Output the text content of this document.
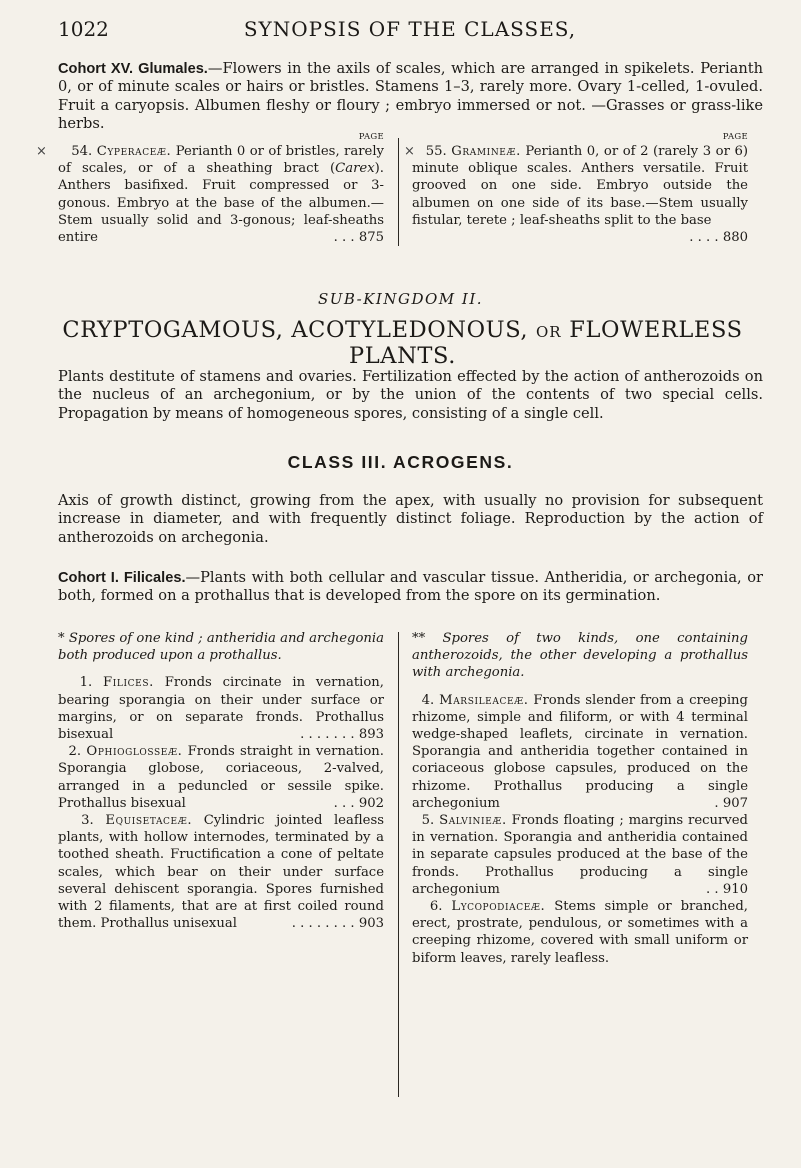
1022	SYNOPSIS OF THE CLASSES,
Cohort XV. Glumales.—Flowers in the axils of scales, which are arranged in spikelets. Perianth 0, or of minute scales or hairs or bristles. Stamens 1–3, rarely more. Ovary 1-celled, 1-ovuled. Fruit a caryopsis. Albumen fleshy or floury ; embryo immersed or not. —Grasses or grass-like herbs.
PAGE

× 54. Cyperaceæ. Perianth 0 or of bristles, rarely of scales, or of a sheathing bract (Carex). Anthers basifixed. Fruit compressed or 3-gonous. Embryo at the base of the albumen.—Stem usually solid and 3-gonous; leaf-sheaths entire	. . . 875

PAGE

× 55. Gramineæ. Perianth 0, or of 2 (rarely 3 or 6) minute oblique scales. Anthers versatile. Fruit grooved on one side. Embryo outside the albumen on one side of its base.—Stem usually fistular, terete ; leaf-sheaths split to the base
. . . . 880

SUB-KINGDOM II.
CRYPTOGAMOUS, ACOTYLEDONOUS, OR FLOWERLESS PLANTS.
Plants destitute of stamens and ovaries. Fertilization effected by the action of antherozoids on the nucleus of an archegonium, or by the union of the contents of two special cells. Propagation by means of homogeneous spores, consisting of a single cell.
CLASS III. ACROGENS.
Axis of growth distinct, growing from the apex, with usually no provision for subsequent increase in diameter, and with frequently distinct foliage. Reproduction by the action of antherozoids on archegonia.
Cohort I. Filicales.—Plants with both cellular and vascular tissue. Antheridia, or archegonia, or both, formed on a prothallus that is developed from the spore on its germination.

* Spores of one kind ; antheridia and archegonia both produced upon a prothallus.

1. Filices. Fronds circinate in vernation, bearing sporangia on their under surface or margins, or on separate fronds. Prothallus bisexual	. . . . . . . 893

2. Ophioglosseæ. Fronds straight in vernation. Sporangia globose, coriaceous, 2-valved, arranged in a peduncled or sessile spike. Prothallus bisexual	. . . 902

3. Equisetaceæ. Cylindric jointed leafless plants, with hollow internodes, terminated by a toothed sheath. Fructification a cone of peltate scales, which bear on their under surface several dehiscent sporangia. Spores furnished with 2 filaments, that are at first coiled round them. Prothallus unisexual	. . . . . . . . 903

** Spores of two kinds, one containing antherozoids, the other developing a prothallus with archegonia.

4. Marsileaceæ. Fronds slender from a creeping rhizome, simple and filiform, or with 4 terminal wedge-shaped leaflets, circinate in vernation. Sporangia and antheridia together contained in coriaceous globose capsules, produced on the rhizome. Prothallus producing a single archegonium	. 907

5. Salvinieæ. Fronds floating ; margins recurved in vernation. Sporangia and antheridia contained in separate capsules produced at the base of the fronds. Prothallus producing a single archegonium	. . 910

6. Lycopodiaceæ. Stems simple or branched, erect, prostrate, pendulous, or sometimes with a creeping rhizome, covered with small uniform or biform leaves, rarely leafless.
